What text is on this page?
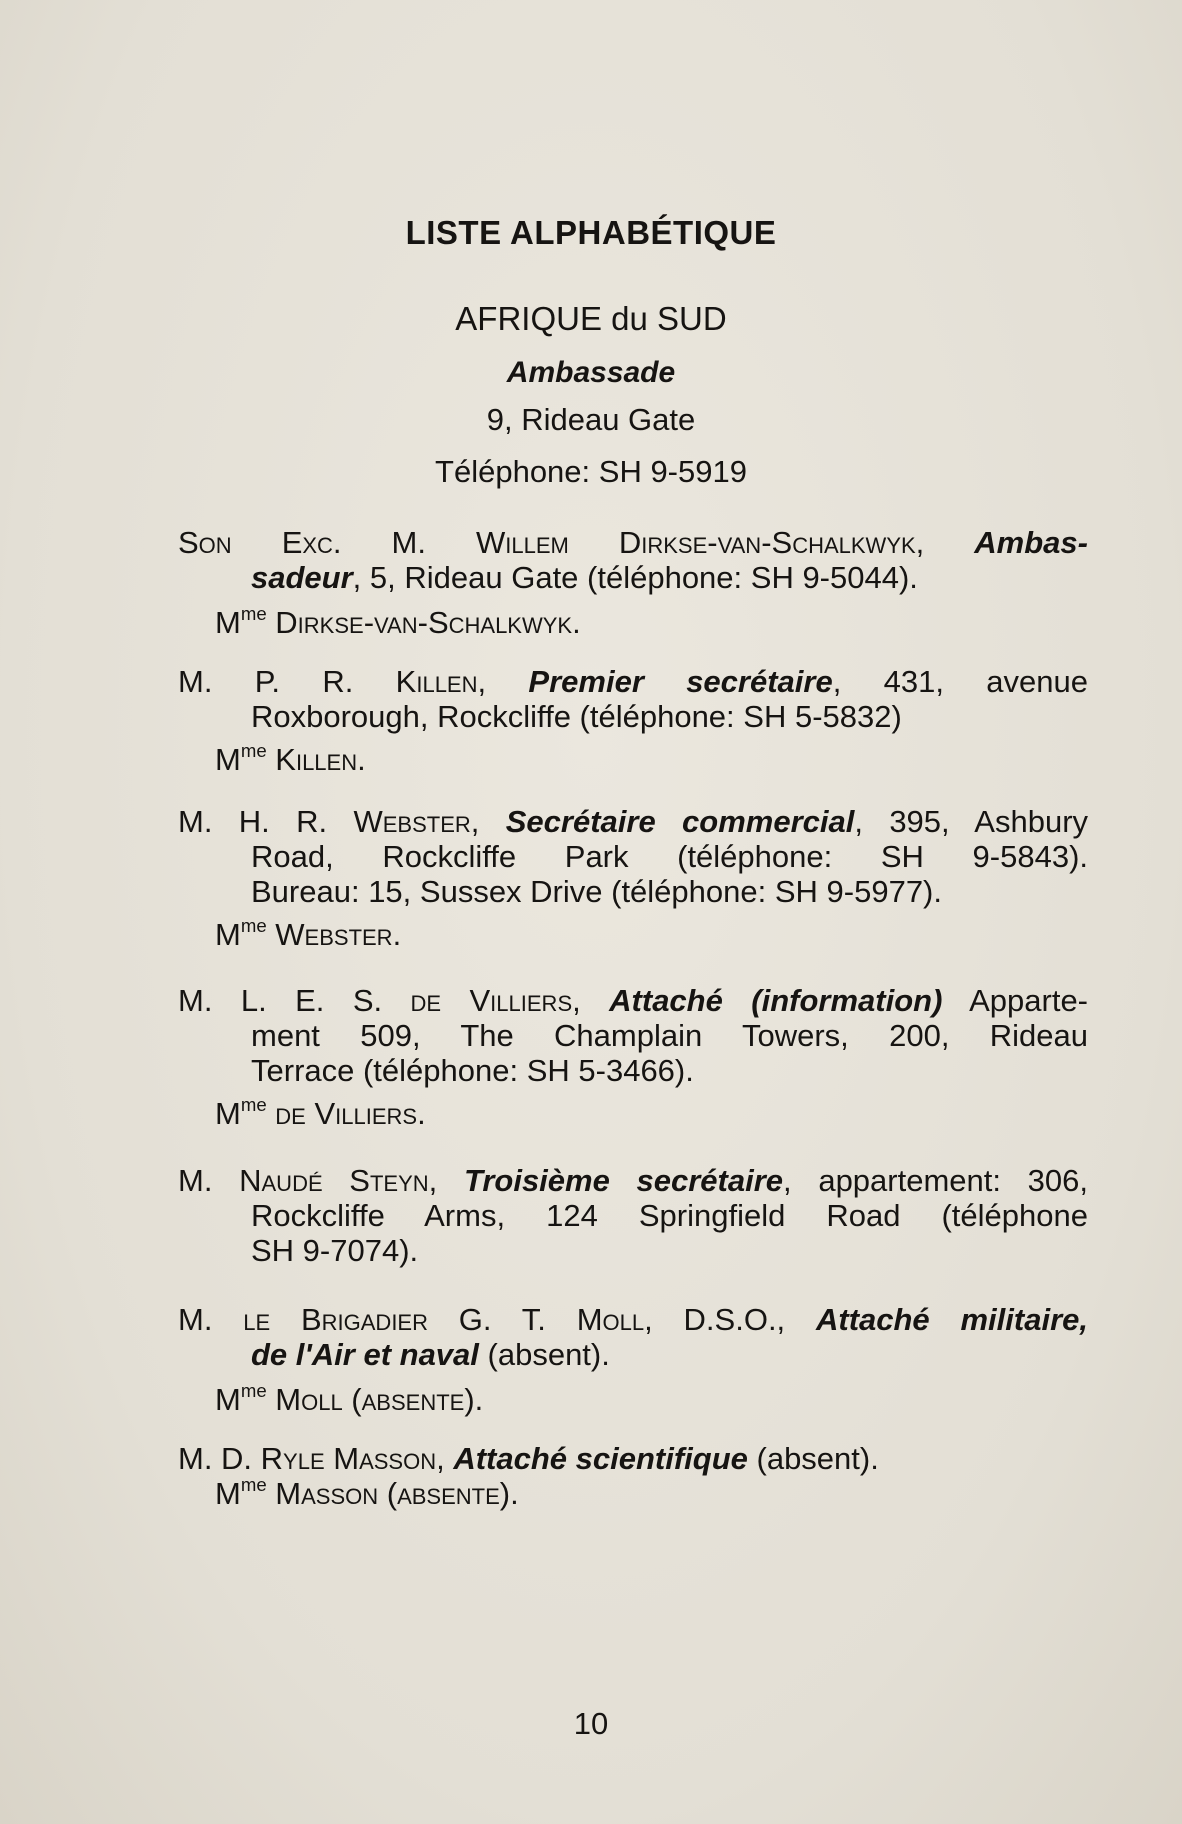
LISTE ALPHABÉTIQUE
AFRIQUE du SUD
Ambassade
9, Rideau Gate
Téléphone: SH 9-5919
Son Exc. M. Willem Dirkse-van-Schalkwyk, Ambas-
sadeur, 5, Rideau Gate (téléphone: SH 9-5044).
$M^{me}$ Dirkse-van-Schalkwyk.
M. P. R. Killen, Premier secrétaire, 431, avenue
Roxborough, Rockcliffe (téléphone: SH 5-5832)
$M^{me}$ Killen.
M. H. R. Webster, Secrétaire commercial, 395, Ashbury
Road, Rockcliffe Park (téléphone: SH 9-5843).
Bureau: 15, Sussex Drive (téléphone: SH 9-5977).
$M^{me}$ Webster.
M. L. E. S. de Villiers, Attaché (information) Apparte-
ment 509, The Champlain Towers, 200, Rideau
Terrace (téléphone: SH 5-3466).
$M^{me}$ de Villiers.
M. Naudé Steyn, Troisième secrétaire, appartement: 306,
Rockcliffe Arms, 124 Springfield Road (téléphone
SH 9-7074).
M. le Brigadier G. T. Moll, D.S.O., Attaché militaire,
de l'Air et naval (absent).
$M^{me}$ Moll (absente).
M. D. Ryle Masson, Attaché scientifique (absent).
$M^{me}$ Masson (absente).
10
